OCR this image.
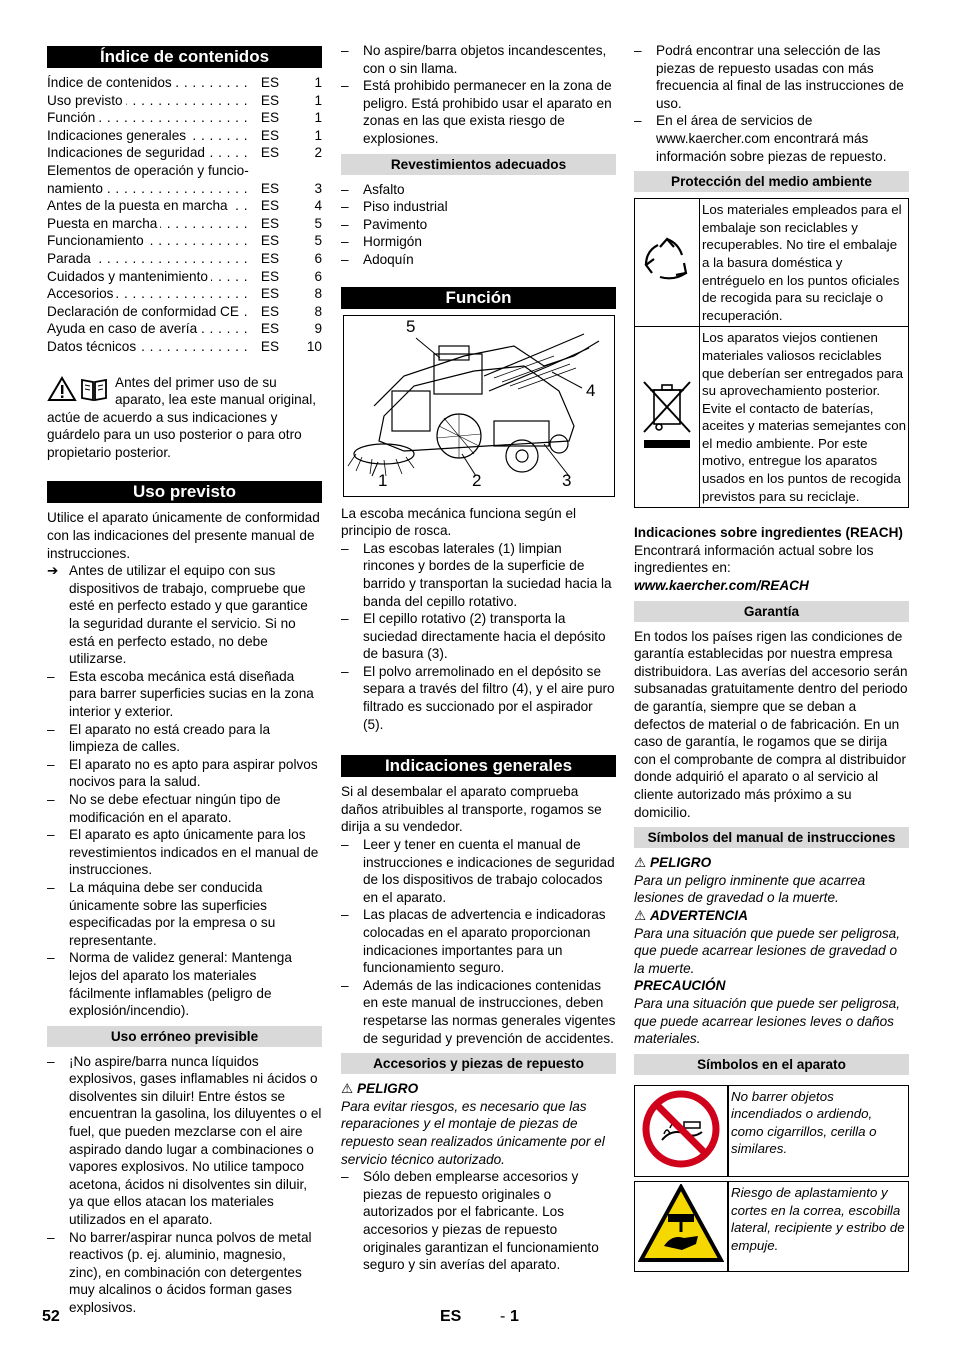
Índice de contenidos
Índice de contenidos . . .	ES	1
Uso previsto . . .	ES	1
Función . . .	ES	1
Indicaciones generales . . .	ES	1
Indicaciones de seguridad . . .	ES	2
Elementos de operación y funcio-
namiento . . .	ES	3
Antes de la puesta en marcha . . .	ES	4
Puesta en marcha . . .	ES	5
Funcionamiento . . .	ES	5
Parada . . .	ES	6
Cuidados y mantenimiento . . .	ES	6
Accesorios . . .	ES	8
Declaración de conformidad CE . . .	ES	8
Ayuda en caso de avería . . .	ES	9
Datos técnicos . . .	ES	10

Antes del primer uso de su aparato, lea este manual original, actúe de acuerdo a sus indicaciones y guárdelo para un uso posterior o para otro propietario posterior.

Uso previsto

Utilice el aparato únicamente de conformidad con las indicaciones del presente manual de instrucciones.

➔ Antes de utilizar el equipo con sus dispositivos de trabajo, compruebe que esté en perfecto estado y que garantice la seguridad durante el servicio. Si no está en perfecto estado, no debe utilizarse.
– Esta escoba mecánica está diseñada para barrer superficies sucias en la zona interior y exterior.
– El aparato no está creado para la limpieza de calles.
– El aparato no es apto para aspirar polvos nocivos para la salud.
– No se debe efectuar ningún tipo de modificación en el aparato.
– El aparato es apto únicamente para los revestimientos indicados en el manual de instrucciones.
– La máquina debe ser conducida únicamente sobre las superficies especificadas por la empresa o su representante.
– Norma de validez general: Mantenga lejos del aparato los materiales fácilmente inflamables (peligro de explosión/incendio).
Uso erróneo previsible
– ¡No aspire/barra nunca líquidos explosivos, gases inflamables ni ácidos o disolventes sin diluir! Entre éstos se encuentran la gasolina, los diluyentes o el fuel, que pueden mezclarse con el aire aspirado dando lugar a combinaciones o vapores explosivos. No utilice tampoco acetona, ácidos ni disolventes sin diluir, ya que ellos atacan los materiales utilizados en el aparato.
– No barrer/aspirar nunca polvos de metal reactivos (p. ej. aluminio, magnesio, zinc), en combinación con detergentes muy alcalinos o ácidos forman gases explosivos.
– No aspire/barra objetos incandescentes, con o sin llama.
– Está prohibido permanecer en la zona de peligro. Está prohibido usar el aparato en zonas en las que exista riesgo de explosiones.
Revestimientos adecuados
– Asfalto
– Piso industrial
– Pavimento
– Hormigón
– Adoquín
Función
1	2	3
4
5

La escoba mecánica funciona según el principio de rosca.

– Las escobas laterales (1) limpian rincones y bordes de la superficie de barrido y transportan la suciedad hacia la banda del cepillo rotativo.
– El cepillo rotativo (2) transporta la suciedad directamente hacia el depósito de basura (3).
– El polvo arremolinado en el depósito se separa a través del filtro (4), y el aire puro filtrado es succionado por el aspirador (5).
Indicaciones generales

Si al desembalar el aparato comprueba daños atribuibles al transporte, rogamos se dirija a su vendedor.

– Leer y tener en cuenta el manual de instrucciones e indicaciones de seguridad de los dispositivos de trabajo colocados en el aparato.
– Las placas de advertencia e indicadoras colocadas en el aparato proporcionan indicaciones importantes para un funcionamiento seguro.
– Además de las indicaciones contenidas en este manual de instrucciones, deben respetarse las normas generales vigentes de seguridad y prevención de accidentes.
Accesorios y piezas de repuesto

⚠ PELIGRO

Para evitar riesgos, es necesario que las reparaciones y el montaje de piezas de repuesto sean realizados únicamente por el servicio técnico autorizado.

– Sólo deben emplearse accesorios y piezas de repuesto originales o autorizados por el fabricante. Los accesorios y piezas de repuesto originales garantizan el funcionamiento seguro y sin averías del aparato.
– Podrá encontrar una selección de las piezas de repuesto usadas con más frecuencia al final de las instrucciones de uso.
– En el área de servicios de www.kaercher.com encontrará más información sobre piezas de repuesto.
Protección del medio ambiente
	Los materiales empleados para el embalaje son reciclables y recuperables. No tire el embalaje a la basura doméstica y entréguelo en los puntos oficiales de recogida para su reciclaje o recuperación.
	Los aparatos viejos contienen materiales valiosos reciclables que deberían ser entregados para su aprovechamiento posterior. Evite el contacto de baterías, aceites y materias semejantes con el medio ambiente. Por este motivo, entregue los aparatos usados en los puntos de recogida previstos para su reciclaje.

Indicaciones sobre ingredientes (REACH)

Encontrará información actual sobre los ingredientes en:

www.kaercher.com/REACH

Garantía

En todos los países rigen las condiciones de garantía establecidas por nuestra empresa distribuidora. Las averías del accesorio serán subsanadas gratuitamente dentro del periodo de garantía, siempre que se deban a defectos de material o de fabricación. En un caso de garantía, le rogamos que se dirija con el comprobante de compra al distribuidor donde adquirió el aparato o al servicio al cliente autorizado más próximo a su domicilio.

Símbolos del manual de instrucciones

⚠ PELIGRO

Para un peligro inminente que acarrea lesiones de gravedad o la muerte.

⚠ ADVERTENCIA

Para una situación que puede ser peligrosa, que puede acarrear lesiones de gravedad o la muerte.

PRECAUCIÓN

Para una situación que puede ser peligrosa, que puede acarrear lesiones leves o daños materiales.

Símbolos en el aparato
	No barrer objetos incendiados o ardiendo, como cigarrillos, cerilla o similares.
	Riesgo de aplastamiento y cortes en la correa, escobilla lateral, recipiente y estribo de empuje.
52	ES - 1
